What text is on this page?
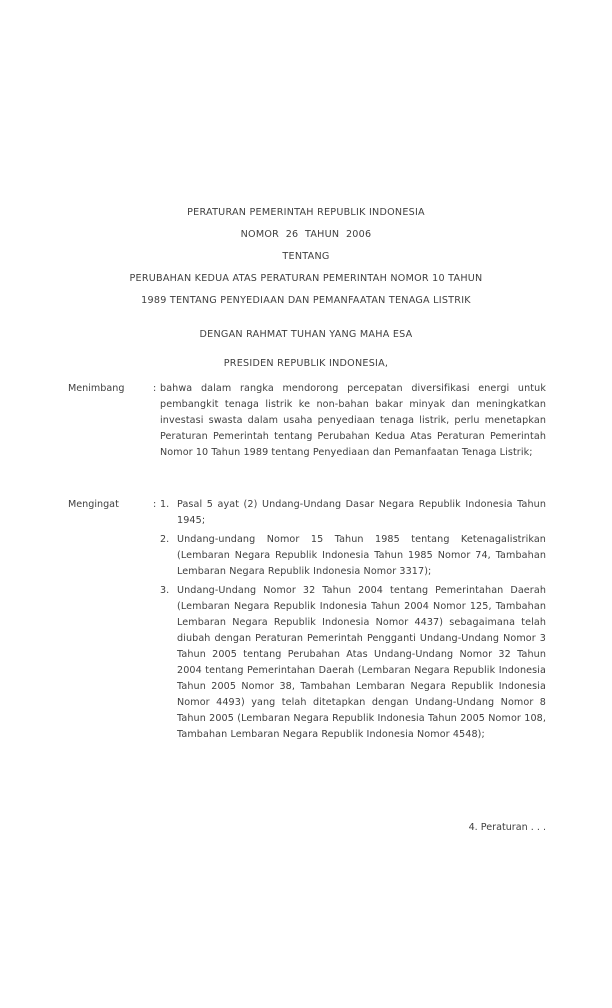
PERATURAN PEMERINTAH REPUBLIK INDONESIA
NOMOR  26  TAHUN  2006
TENTANG
PERUBAHAN KEDUA ATAS PERATURAN PEMERINTAH NOMOR 10 TAHUN
1989 TENTANG PENYEDIAAN DAN PEMANFAATAN TENAGA LISTRIK
DENGAN RAHMAT TUHAN YANG MAHA ESA
PRESIDEN REPUBLIK INDONESIA,
Menimbang	: bahwa dalam rangka mendorong percepatan diversifikasi energi untuk pembangkit tenaga listrik ke non-bahan bakar minyak dan meningkatkan investasi swasta dalam usaha penyediaan tenaga listrik, perlu menetapkan Peraturan Pemerintah tentang Perubahan Kedua Atas Peraturan Pemerintah Nomor 10 Tahun 1989 tentang Penyediaan dan Pemanfaatan Tenaga Listrik;

Mengingat	: 1. Pasal 5 ayat (2) Undang-Undang Dasar Negara Republik Indonesia Tahun 1945;

2. Undang-undang Nomor 15 Tahun 1985 tentang Ketenagalistrikan (Lembaran Negara Republik Indonesia Tahun 1985 Nomor 74, Tambahan Lembaran Negara Republik Indonesia Nomor 3317);

3. Undang-Undang Nomor 32 Tahun 2004 tentang Pemerintahan Daerah (Lembaran Negara Republik Indonesia Tahun 2004 Nomor 125, Tambahan Lembaran Negara Republik Indonesia Nomor 4437) sebagaimana telah diubah dengan Peraturan Pemerintah Pengganti Undang-Undang Nomor 3 Tahun 2005 tentang Perubahan Atas Undang-Undang Nomor 32 Tahun 2004 tentang Pemerintahan Daerah (Lembaran Negara Republik Indonesia Tahun 2005 Nomor 38, Tambahan Lembaran Negara Republik Indonesia Nomor 4493) yang telah ditetapkan dengan Undang-Undang Nomor 8 Tahun 2005 (Lembaran Negara Republik Indonesia Tahun 2005 Nomor 108, Tambahan Lembaran Negara Republik Indonesia Nomor 4548);

4. Peraturan . . .
